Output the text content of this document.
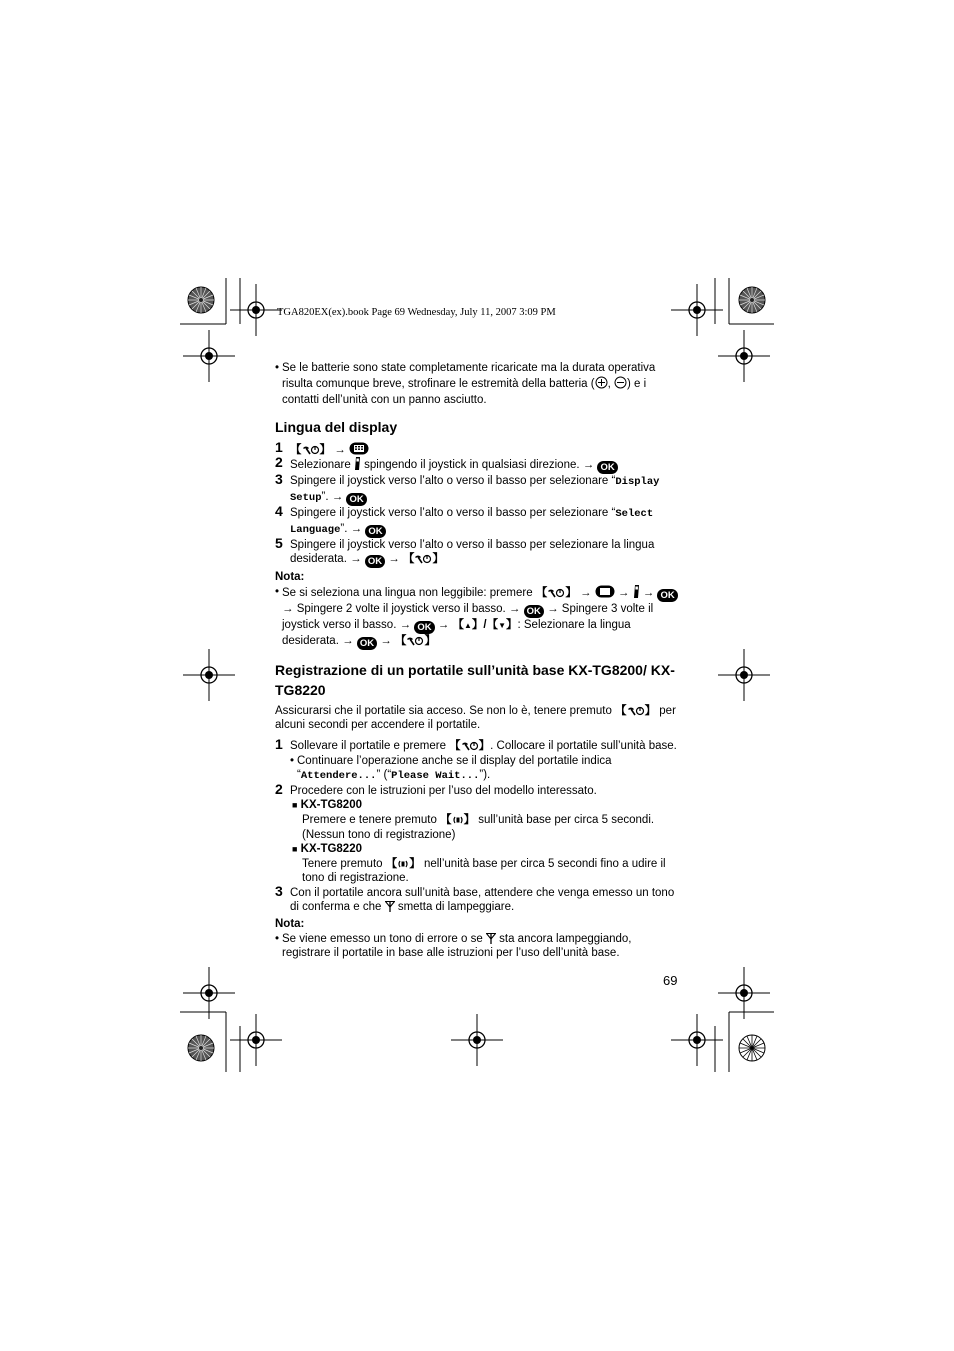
TGA820EX(ex).book Page 69 Wednesday, July 11, 2007 3:09 PM

• Se le batterie sono state completamente ricaricate ma la durata operativa risulta comunque breve, strofinare le estremità della batteria ( , ) e i contatti dell’unità con un panno asciutto.

Lingua del display
1 【 】 →
2 Selezionare  spingendo il joystick in qualsiasi direzione. → OK
3 Spingere il joystick verso l’alto o verso il basso per selezionare “Display Setup”. → OK
4 Spingere il joystick verso l’alto o verso il basso per selezionare “Select Language”. → OK
5 Spingere il joystick verso l’alto o verso il basso per selezionare la lingua desiderata. → OK → 【 】
Nota:

• Se si seleziona una lingua non leggibile: premere 【 】 →  →  → OK → Spingere 2 volte il joystick verso il basso. → OK → Spingere 3 volte il joystick verso il basso. → OK → 【▲】/【▼】: Selezionare la lingua desiderata. → OK → 【 】

Registrazione di un portatile sull’unità base KX-TG8200/ KX-TG8220

Assicurarsi che il portatile sia acceso. Se non lo è, tenere premuto 【 】 per alcuni secondi per accendere il portatile.

1 Sollevare il portatile e premere 【 】. Collocare il portatile sull’unità base.

• Continuare l’operazione anche se il display del portatile indica “Attendere...” (“Please Wait...”).

2 Procedere con le istruzioni per l’uso del modello interessato.
■ KX-TG8200

Premere e tenere premuto 【 】 sull’unità base per circa 5 secondi. (Nessun tono di registrazione)

■ KX-TG8220

Tenere premuto 【 】 nell’unità base per circa 5 secondi fino a udire il tono di registrazione.

3 Con il portatile ancora sull’unità base, attendere che venga emesso un tono di conferma e che smetta di lampeggiare.
Nota:

• Se viene emesso un tono di errore o se sta ancora lampeggiando, registrare il portatile in base alle istruzioni per l’uso dell’unità base.

69
